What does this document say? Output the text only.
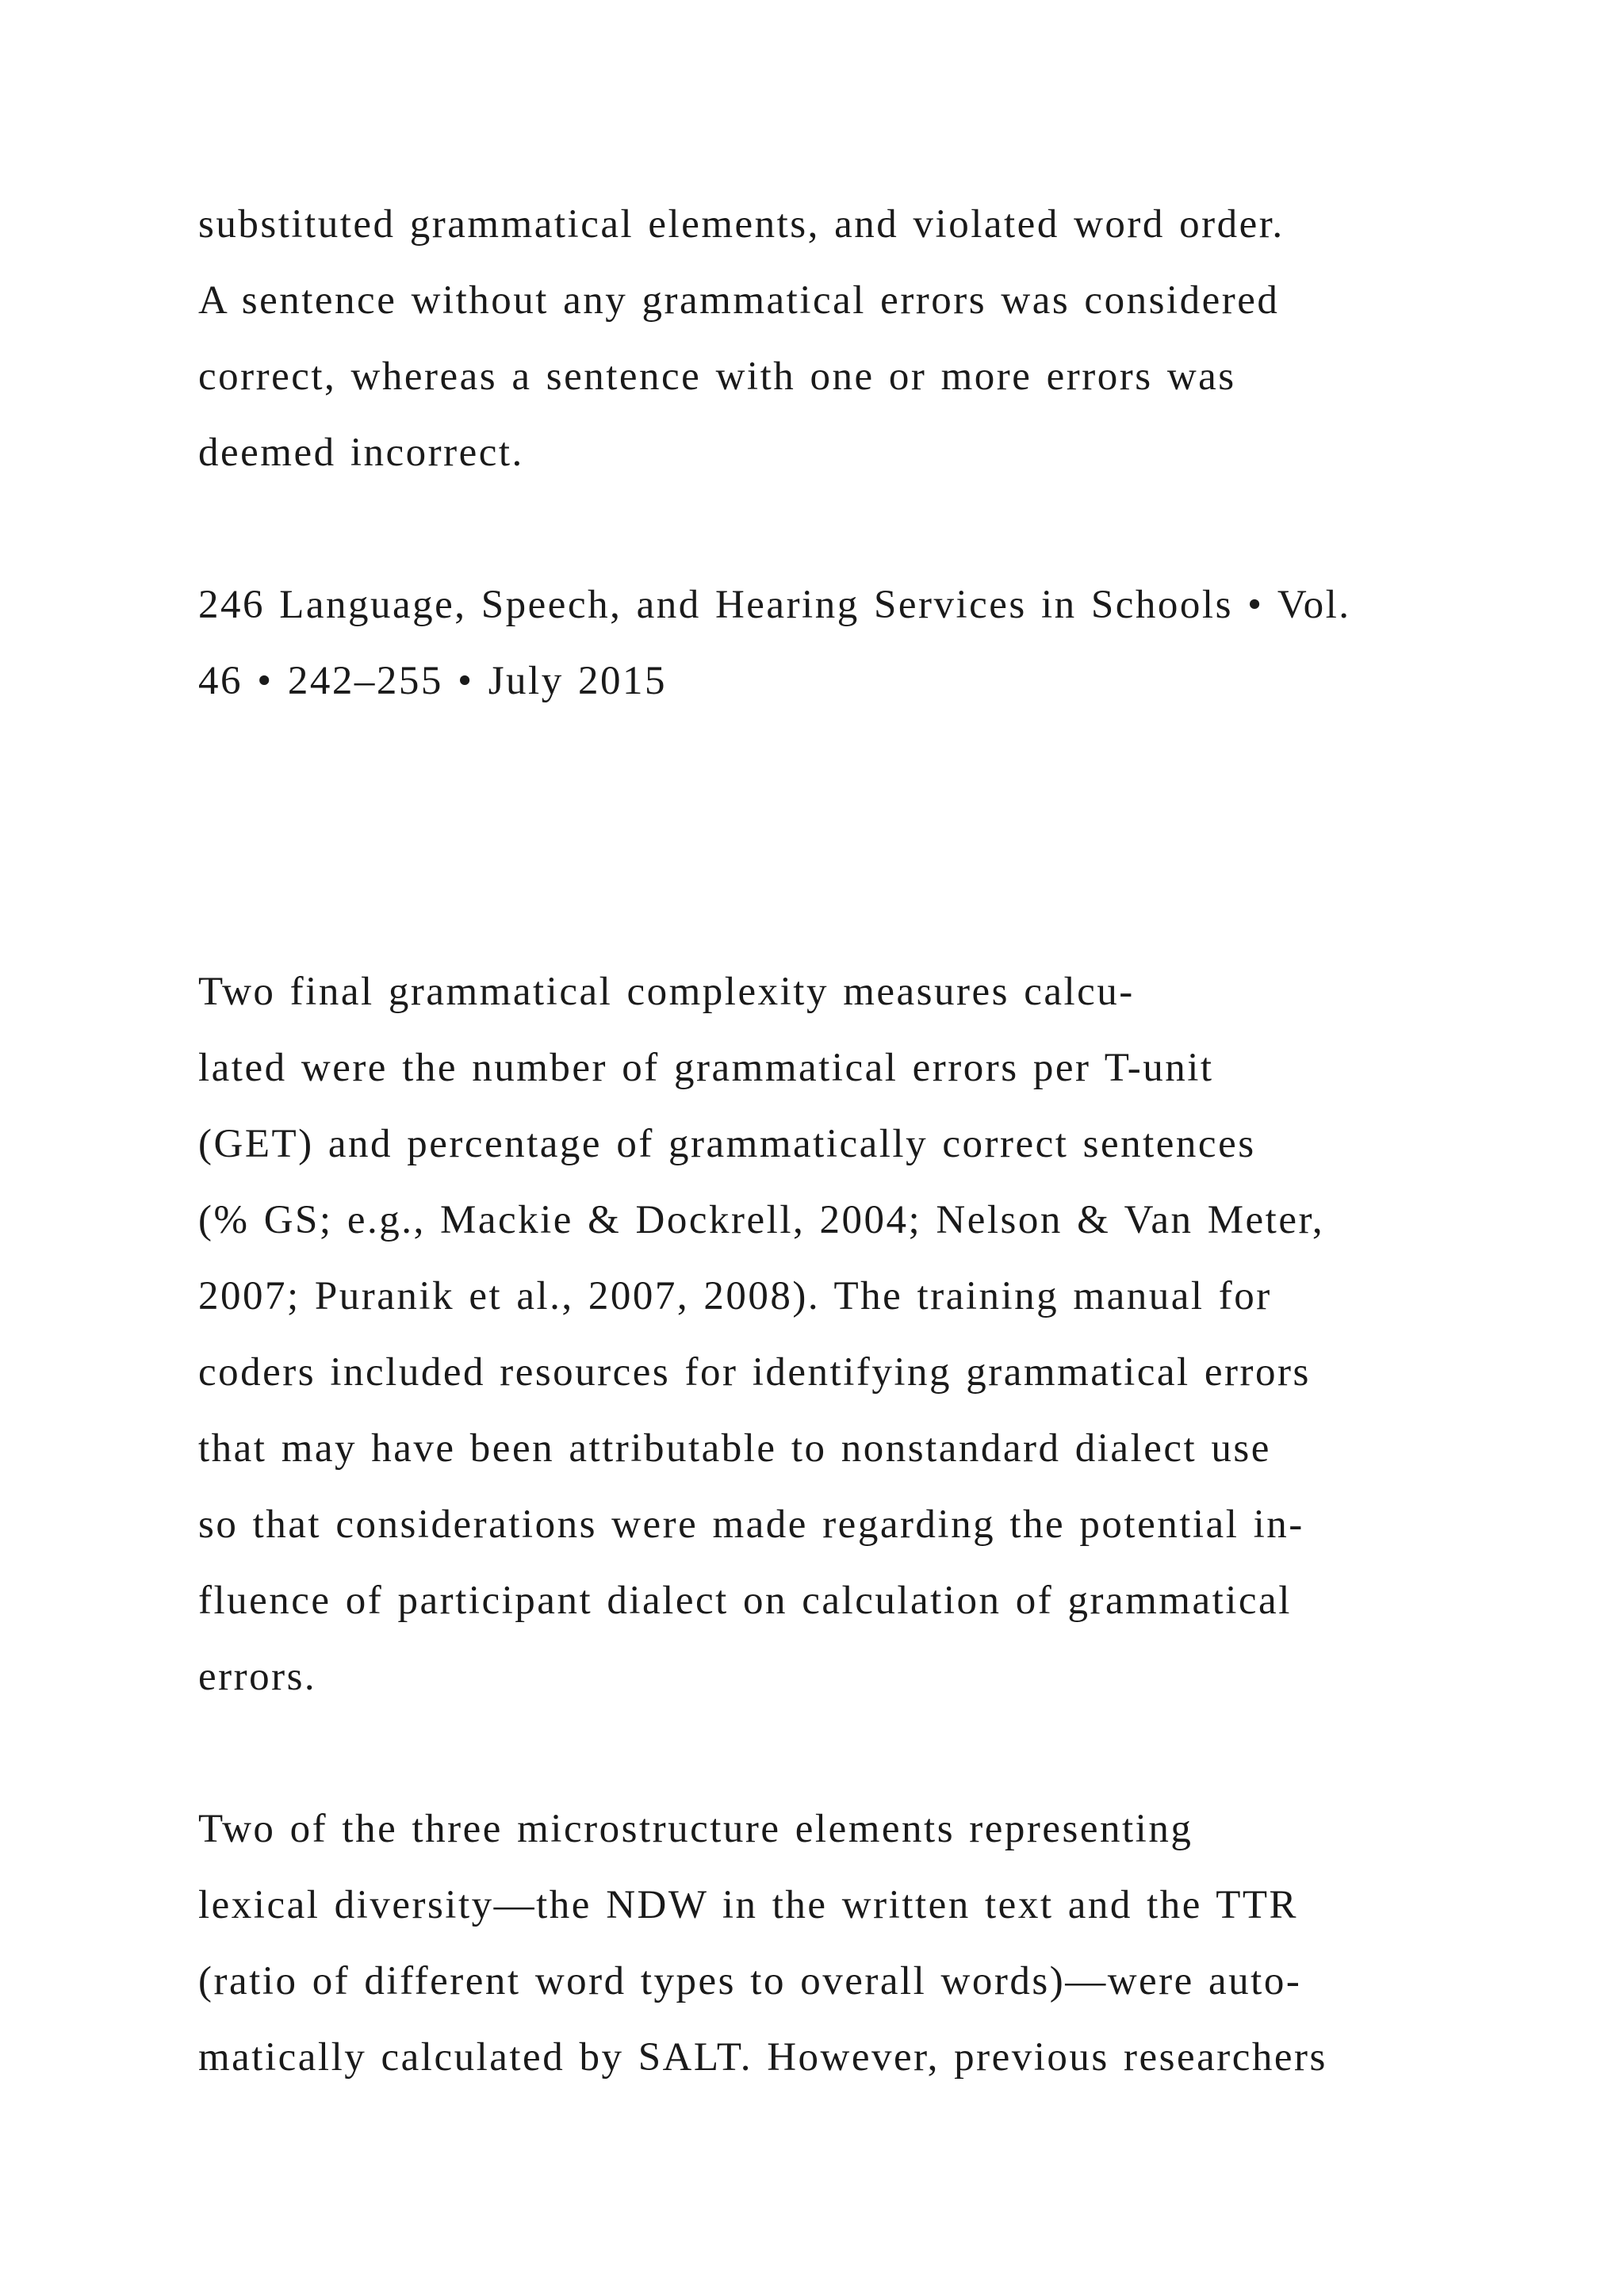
substituted grammatical elements, and violated word order.
A sentence without any grammatical errors was considered
correct, whereas a sentence with one or more errors was
deemed incorrect.
246 Language, Speech, and Hearing Services in Schools • Vol.
46 • 242–255 • July 2015
Two final grammatical complexity measures calcu-
lated were the number of grammatical errors per T-unit
(GET) and percentage of grammatically correct sentences
(% GS; e.g., Mackie & Dockrell, 2004; Nelson & Van Meter,
2007; Puranik et al., 2007, 2008). The training manual for
coders included resources for identifying grammatical errors
that may have been attributable to nonstandard dialect use
so that considerations were made regarding the potential in-
fluence of participant dialect on calculation of grammatical
errors.
Two of the three microstructure elements representing
lexical diversity—the NDW in the written text and the TTR
(ratio of different word types to overall words)—were auto-
matically calculated by SALT. However, previous researchers
